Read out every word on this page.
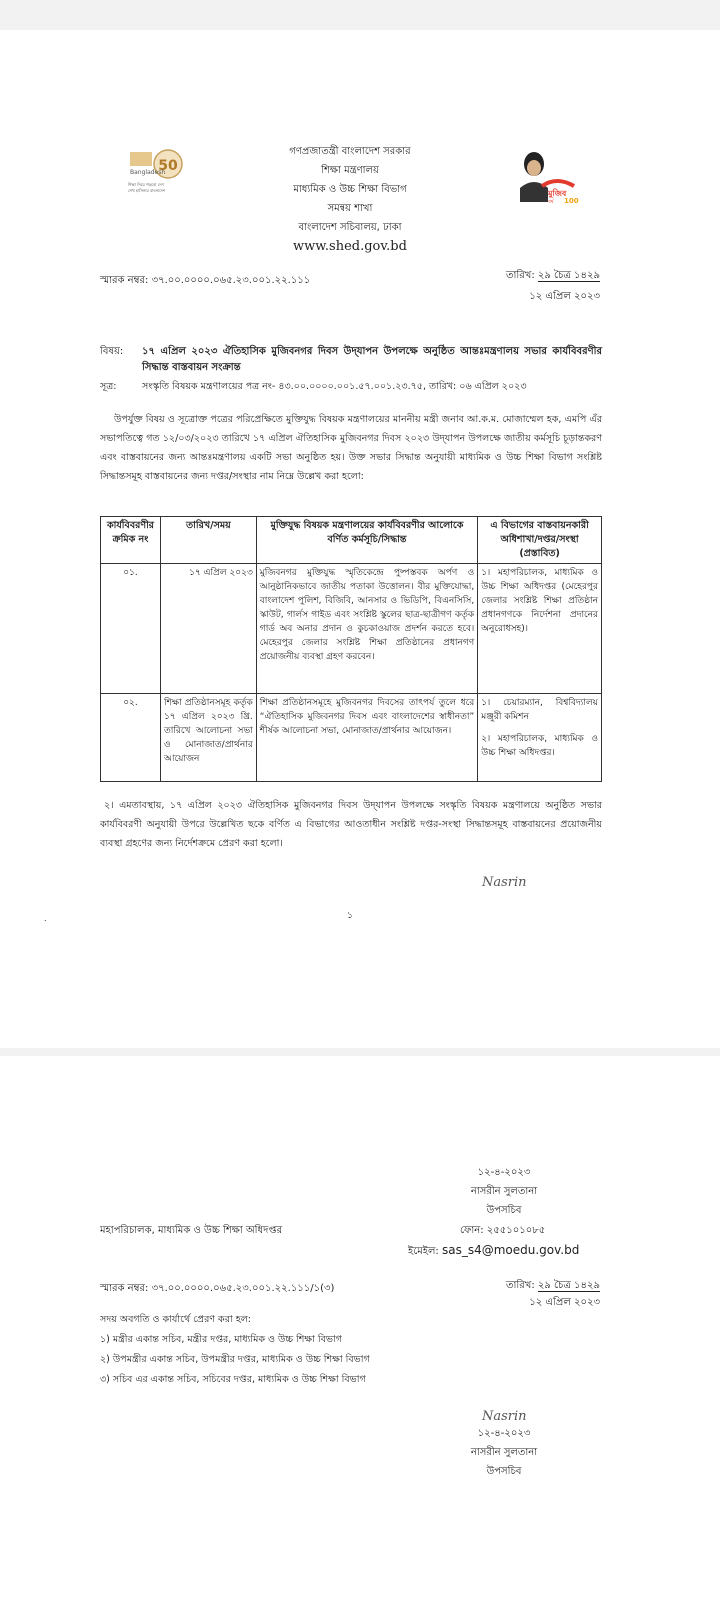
50
Bangladesh
শিক্ষা নিয়ে গড়বো দেশ
শেখ হাসিনার বাংলাদেশ
গণপ্রজাতন্ত্রী বাংলাদেশ সরকার
শিক্ষা মন্ত্রণালয়
মাধ্যমিক ও উচ্চ শিক্ষা বিভাগ
সমন্বয় শাখা
বাংলাদেশ সচিবালয়, ঢাকা
www.shed.gov.bd
মুজিব
বর্ষ 100
স্মারক নম্বর: ৩৭.০০.০০০০.০৬৫.২৩.০০১.২২.১১১	তারিখ: ২৯ চৈত্র ১৪২৯
১২ এপ্রিল ২০২৩
বিষয়: ১৭ এপ্রিল ২০২৩ ঐতিহাসিক মুজিবনগর দিবস উদ্‌যাপন উপলক্ষে অনুষ্ঠিত আন্তঃমন্ত্রণালয় সভার কার্যবিবরণীর সিদ্ধান্ত বাস্তবায়ন সংক্রান্ত
সূত্র:	সংস্কৃতি বিষয়ক মন্ত্রণালয়ের পত্র নং- ৪৩.০০.০০০০.০০১.৫৭.০০১.২৩.৭৫, তারিখ: ০৬ এপ্রিল ২০২৩
উপর্যুক্ত বিষয় ও সূত্রোক্ত পত্রের পরিপ্রেক্ষিতে মুক্তিযুদ্ধ বিষয়ক মন্ত্রণালয়ের মাননীয় মন্ত্রী জনাব আ.ক.ম. মোজাম্মেল হক, এমপি এঁর সভাপতিত্বে গত ১২/০৩/২০২৩ তারিখে ১৭ এপ্রিল ঐতিহাসিক মুজিবনগর দিবস ২০২৩ উদ্‌যাপন উপলক্ষে জাতীয় কর্মসূচি চূড়ান্তকরণ এবং বাস্তবায়নের জন্য আন্তঃমন্ত্রণালয় একটি সভা অনুষ্ঠিত হয়। উক্ত সভার সিদ্ধান্ত অনুযায়ী মাধ্যমিক ও উচ্চ শিক্ষা বিভাগ সংশ্লিষ্ট সিদ্ধান্তসমূহ বাস্তবায়নের জন্য দপ্তর/সংস্থার নাম নিম্নে উল্লেখ করা হলো:
কার্যবিবরণীর ক্রমিক নং	তারিখ/সময়	মুক্তিযুদ্ধ বিষয়ক মন্ত্রণালয়ের কার্যবিবরণীর আলোকে বর্ণিত কর্মসূচি/সিদ্ধান্ত	এ বিভাগের বাস্তবায়নকারী অধিশাখা/দপ্তর/সংস্থা (প্রস্তাবিত)
০১.	১৭ এপ্রিল ২০২৩	মুজিবনগর মুক্তিযুদ্ধ স্মৃতিকেন্দ্রে পুষ্পস্তবক অর্পণ ও আনুষ্ঠানিকভাবে জাতীয় পতাকা উত্তোলন। বীর মুক্তিযোদ্ধা, বাংলাদেশ পুলিশ, বিজিবি, আনসার ও ভিডিপি, বিএনসিসি, স্কাউট, গার্লস গাইড এবং সংশ্লিষ্ট স্কুলের ছাত্র-ছাত্রীগণ কর্তৃক গার্ড অব অনার প্রদান ও কুচকাওয়াজ প্রদর্শন করতে হবে। মেহেরপুর জেলার সংশ্লিষ্ট শিক্ষা প্রতিষ্ঠানের প্রধানগণ প্রয়োজনীয় ব্যবস্থা গ্রহণ করবেন।	১। মহাপরিচালক, মাধ্যমিক ও উচ্চ শিক্ষা অধিদপ্তর (মেহেরপুর জেলার সংশ্লিষ্ট শিক্ষা প্রতিষ্ঠান প্রধানগণকে নির্দেশনা প্রদানের অনুরোধসহ)।

০২.	শিক্ষা প্রতিষ্ঠানসমূহ কর্তৃক ১৭ এপ্রিল ২০২৩ খ্রি. তারিখে আলোচনা সভা ও মোনাজাত/প্রার্থনার আয়োজন	শিক্ষা প্রতিষ্ঠানসমূহে মুজিবনগর দিবসের তাৎপর্য তুলে ধরে “ঐতিহাসিক মুজিবনগর দিবস এবং বাংলাদেশের স্বাধীনতা” শীর্ষক আলোচনা সভা, মোনাজাত/প্রার্থনার আয়োজন।	১। চেয়ারম্যান, বিশ্ববিদ্যালয় মঞ্জুরী কমিশন
২। মহাপরিচালক, মাধ্যমিক ও উচ্চ শিক্ষা অধিদপ্তর।
২। এমতাবস্থায়, ১৭ এপ্রিল ২০২৩ ঐতিহাসিক মুজিবনগর দিবস উদ্‌যাপন উপলক্ষে সংস্কৃতি বিষয়ক মন্ত্রণালয়ে অনুষ্ঠিত সভার কার্যবিবরণী অনুযায়ী উপরে উল্লেখিত ছকে বর্ণিত এ বিভাগের আওতাধীন সংশ্লিষ্ট দপ্তর-সংস্থা সিদ্ধান্তসমূহ বাস্তবায়নের প্রয়োজনীয় ব্যবস্থা গ্রহণের জন্য নির্দেশক্রমে প্রেরণ করা হলো।
Nasrin
.	১
১২-৪-২০২৩
নাসরীন সুলতানা
উপসচিব
মহাপরিচালক, মাধ্যমিক ও উচ্চ শিক্ষা অধিদপ্তর	ফোন: ২৫৫১০১০৮৫
ইমেইল: sas_s4@moedu.gov.bd
স্মারক নম্বর: ৩৭.০০.০০০০.০৬৫.২৩.০০১.২২.১১১/১(৩)	তারিখ: ২৯ চৈত্র ১৪২৯
১২ এপ্রিল ২০২৩
সদয় অবগতি ও কার্যার্থে প্রেরণ করা হল:
১) মন্ত্রীর একান্ত সচিব, মন্ত্রীর দপ্তর, মাধ্যমিক ও উচ্চ শিক্ষা বিভাগ
২) উপমন্ত্রীর একান্ত সচিব, উপমন্ত্রীর দপ্তর, মাধ্যমিক ও উচ্চ শিক্ষা বিভাগ
৩) সচিব এর একান্ত সচিব, সচিবের দপ্তর, মাধ্যমিক ও উচ্চ শিক্ষা বিভাগ
Nasrin
১২-৪-২০২৩
নাসরীন সুলতানা
উপসচিব
